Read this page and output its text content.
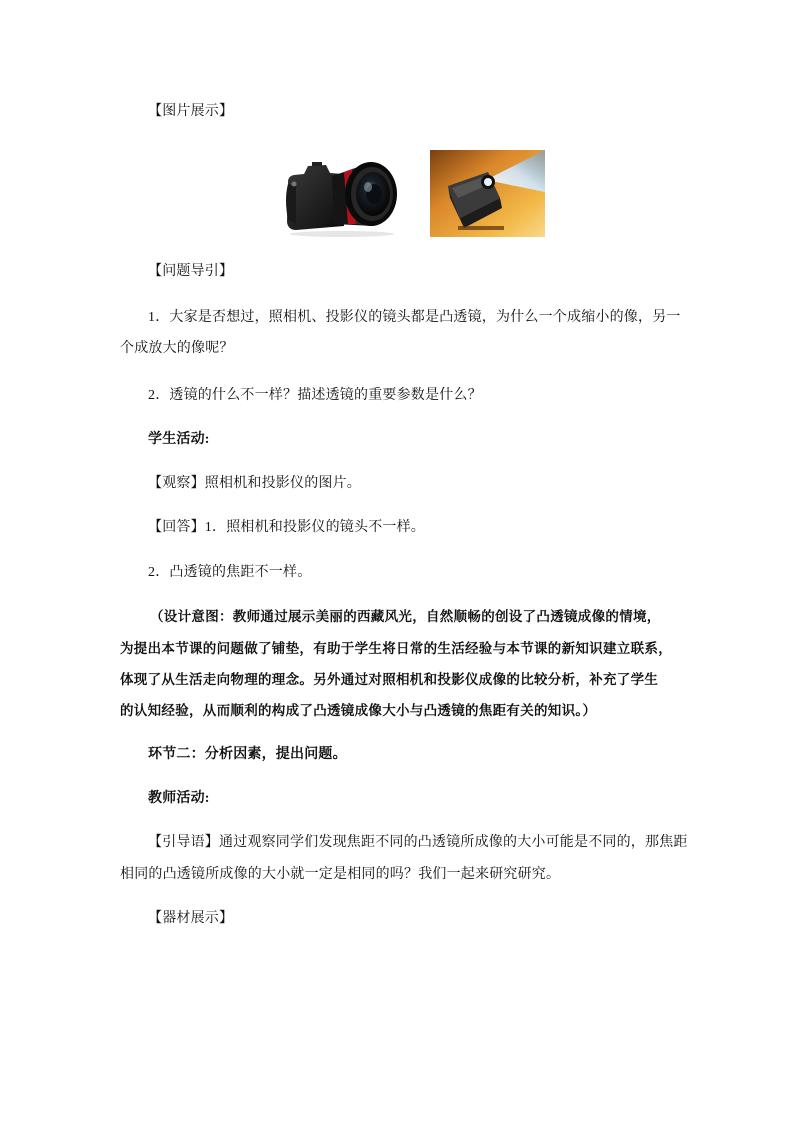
【图片展示】
【问题导引】
1．大家是否想过，照相机、投影仪的镜头都是凸透镜，为什么一个成缩小的像，另一
个成放大的像呢？
2．透镜的什么不一样？描述透镜的重要参数是什么？
学生活动:
【观察】照相机和投影仪的图片。
【回答】1．照相机和投影仪的镜头不一样。
2．凸透镜的焦距不一样。
（设计意图：教师通过展示美丽的西藏风光，自然顺畅的创设了凸透镜成像的情境，
为提出本节课的问题做了铺垫，有助于学生将日常的生活经验与本节课的新知识建立联系，
体现了从生活走向物理的理念。另外通过对照相机和投影仪成像的比较分析，补充了学生
的认知经验，从而顺利的构成了凸透镜成像大小与凸透镜的焦距有关的知识。）
环节二：分析因素，提出问题。
教师活动:
【引导语】通过观察同学们发现焦距不同的凸透镜所成像的大小可能是不同的，那焦距
相同的凸透镜所成像的大小就一定是相同的吗？我们一起来研究研究。
【器材展示】
